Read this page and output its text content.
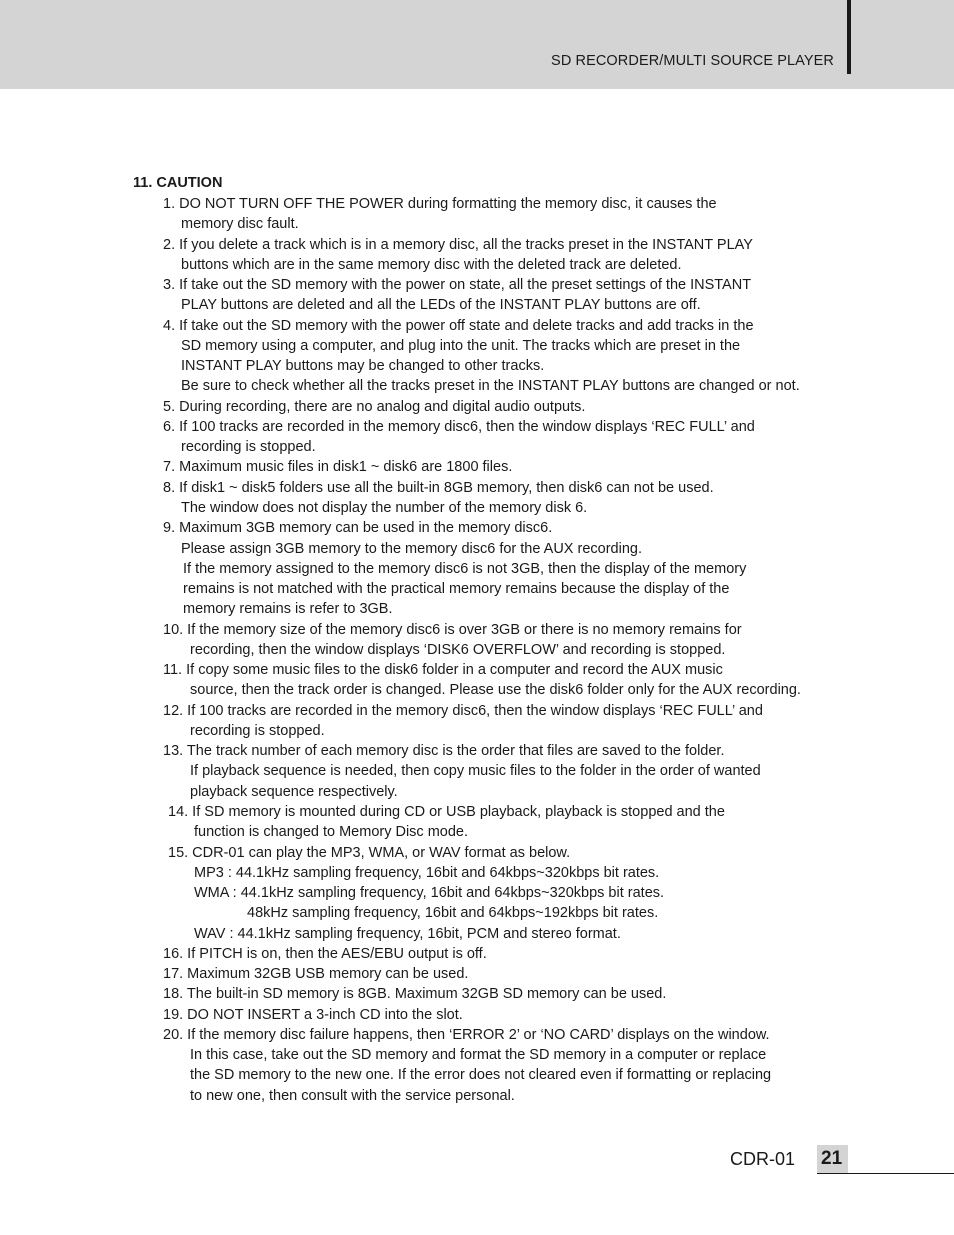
SD RECORDER/MULTI SOURCE PLAYER
11. CAUTION
1. DO NOT TURN OFF THE POWER during formatting the memory disc, it causes the
memory disc fault.
2. If you delete a track which is in a memory disc, all the tracks preset in the INSTANT PLAY
buttons which are in the same memory disc with the deleted track are deleted.
3. If take out the SD memory with the power on state, all the preset settings of the INSTANT
PLAY buttons are deleted and all the LEDs of the INSTANT PLAY buttons are off.
4. If take out the SD memory with the power off state and delete tracks and add tracks in the
SD memory using a computer, and plug into the unit. The tracks which are preset in the
INSTANT PLAY buttons may be changed to other tracks.
Be sure to check whether all the tracks preset in the INSTANT PLAY buttons are changed or not.
5. During recording, there are no analog and digital audio outputs.
6. If 100 tracks are recorded in the memory disc6, then the window displays ‘REC FULL’ and
recording is stopped.
7. Maximum music files in disk1 ~ disk6 are 1800 files.
8. If disk1 ~ disk5 folders use all the built-in 8GB memory, then disk6 can not be used.
The window does not display the number of the memory disk 6.
9. Maximum 3GB memory can be used in the memory disc6.
Please assign 3GB memory to the memory disc6 for the AUX recording.
If the memory assigned to the memory disc6 is not 3GB, then the display of the memory
remains is not matched with the practical memory remains because the display of the
memory remains is refer to 3GB.
10. If the memory size of the memory disc6 is over 3GB or there is no memory remains for
recording, then the window displays ‘DISK6 OVERFLOW’ and recording is stopped.
11. If copy some music files to the disk6 folder in a computer and record the AUX music
source, then the track order is changed. Please use the disk6 folder only for the AUX recording.
12. If 100 tracks are recorded in the memory disc6, then the window displays ‘REC FULL’ and
recording is stopped.
13. The track number of each memory disc is the order that files are saved to the folder.
If playback sequence is needed, then copy music files to the folder in the order of wanted
playback sequence respectively.
14. If SD memory is mounted during CD or USB playback, playback is stopped and the
function is changed to Memory Disc mode.
15. CDR-01 can play the MP3, WMA, or WAV format as below.
MP3 : 44.1kHz sampling frequency, 16bit and 64kbps~320kbps bit rates.
WMA : 44.1kHz sampling frequency, 16bit and 64kbps~320kbps bit rates.
48kHz sampling frequency, 16bit and 64kbps~192kbps bit rates.
WAV : 44.1kHz sampling frequency, 16bit, PCM and stereo format.
16. If PITCH is on, then the AES/EBU output is off.
17. Maximum 32GB USB memory can be used.
18. The built-in SD memory is 8GB. Maximum 32GB SD memory can be used.
19. DO NOT INSERT a 3-inch CD into the slot.
20. If the memory disc failure happens, then ‘ERROR 2’ or ‘NO CARD’ displays on the window.
In this case, take out the SD memory and format the SD memory in a computer or replace
the SD memory to the new one. If the error does not cleared even if formatting or replacing
to new one, then consult with the service personal.
CDR-01 21
